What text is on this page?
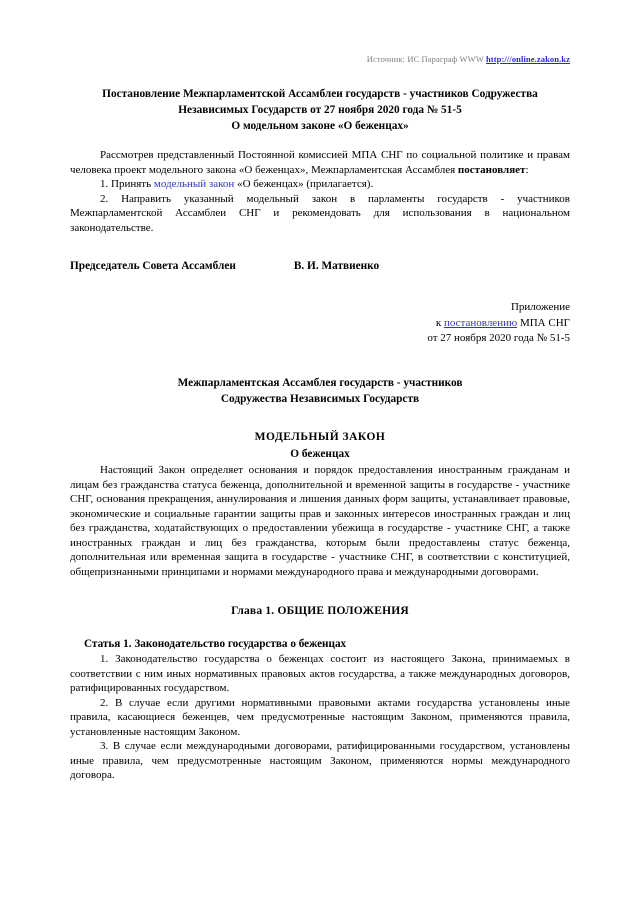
Источник: ИС Параграф WWW http:///online.zakon.kz
Постановление Межпарламентской Ассамблеи государств - участников Содружества
Независимых Государств от 27 ноября 2020 года № 51-5
О модельном законе «О беженцах»

Рассмотрев представленный Постоянной комиссией МПА СНГ по социальной политике и правам человека проект модельного закона «О беженцах», Межпарламентская Ассамблея постановляет:

1. Принять модельный закон «О беженцах» (прилагается).

2. Направить указанный модельный закон в парламенты государств - участников Межпарламентской Ассамблеи СНГ и рекомендовать для использования в национальном законодательстве.

Председатель Совета Ассамблеи	В. И. Матвиенко
Приложение
к постановлению МПА СНГ
от 27 ноября 2020 года № 51-5
Межпарламентская Ассамблея государств - участников
Содружества Независимых Государств
МОДЕЛЬНЫЙ ЗАКОН
О беженцах

Настоящий Закон определяет основания и порядок предоставления иностранным гражданам и лицам без гражданства статуса беженца, дополнительной и временной защиты в государстве - участнике СНГ, основания прекращения, аннулирования и лишения данных форм защиты, устанавливает правовые, экономические и социальные гарантии защиты прав и законных интересов иностранных граждан и лиц без гражданства, ходатайствующих о предоставлении убежища в государстве - участнике СНГ, а также иностранных граждан и лиц без гражданства, которым были предоставлены статус беженца, дополнительная или временная защита в государстве - участнике СНГ, в соответствии с конституцией, общепризнанными принципами и нормами международного права и международными договорами.

Глава 1. ОБЩИЕ ПОЛОЖЕНИЯ
Статья 1. Законодательство государства о беженцах

1. Законодательство государства о беженцах состоит из настоящего Закона, принимаемых в соответствии с ним иных нормативных правовых актов государства, а также международных договоров, ратифицированных государством.

2. В случае если другими нормативными правовыми актами государства установлены иные правила, касающиеся беженцев, чем предусмотренные настоящим Законом, применяются правила, установленные настоящим Законом.

3. В случае если международными договорами, ратифицированными государством, установлены иные правила, чем предусмотренные настоящим Законом, применяются нормы международного договора.
